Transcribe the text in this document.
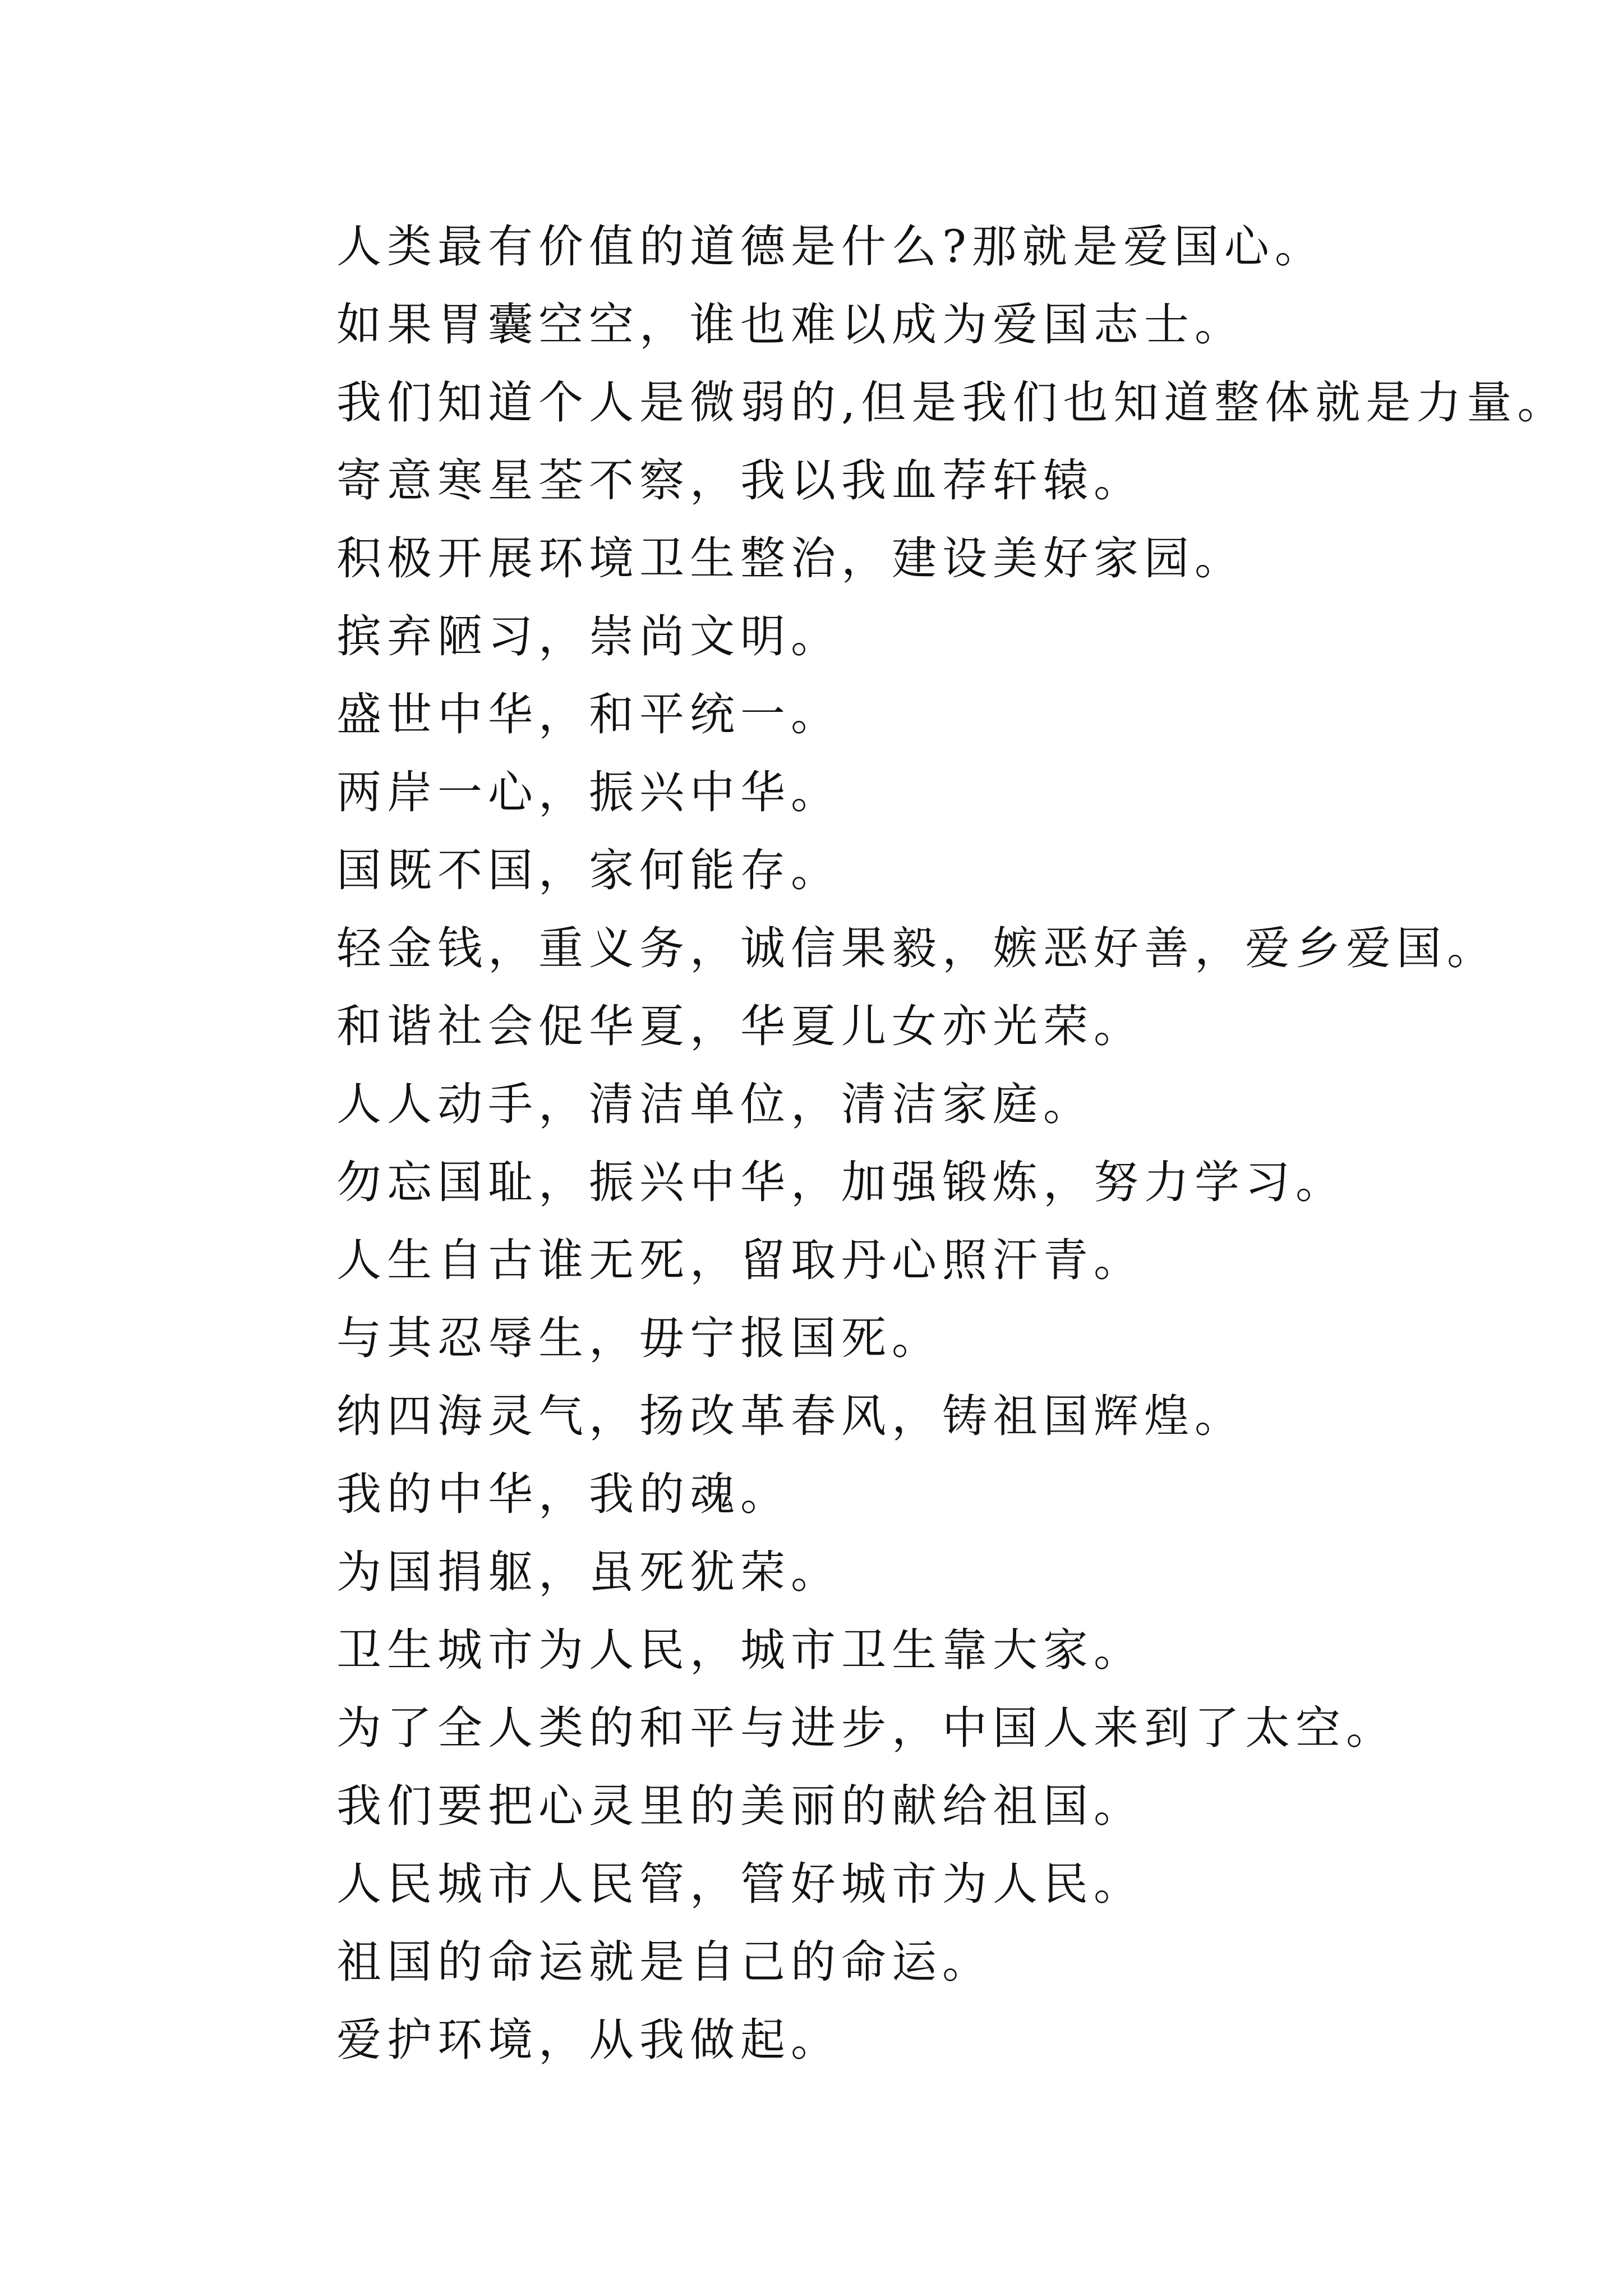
人类最有价值的道德是什么?那就是爱国心。
如果胃囊空空，谁也难以成为爱国志士。
我们知道个人是微弱的,但是我们也知道整体就是力量。
寄意寒星荃不察，我以我血荐轩辕。
积极开展环境卫生整治，建设美好家园。
摈弃陋习，崇尚文明。
盛世中华，和平统一。
两岸一心，振兴中华。
国既不国，家何能存。
轻金钱，重义务，诚信果毅，嫉恶好善，爱乡爱国。
和谐社会促华夏，华夏儿女亦光荣。
人人动手，清洁单位，清洁家庭。
勿忘国耻，振兴中华，加强锻炼，努力学习。
人生自古谁无死，留取丹心照汗青。
与其忍辱生，毋宁报国死。
纳四海灵气，扬改革春风，铸祖国辉煌。
我的中华，我的魂。
为国捐躯，虽死犹荣。
卫生城市为人民，城市卫生靠大家。
为了全人类的和平与进步，中国人来到了太空。
我们要把心灵里的美丽的献给祖国。
人民城市人民管，管好城市为人民。
祖国的命运就是自己的命运。
爱护环境，从我做起。
